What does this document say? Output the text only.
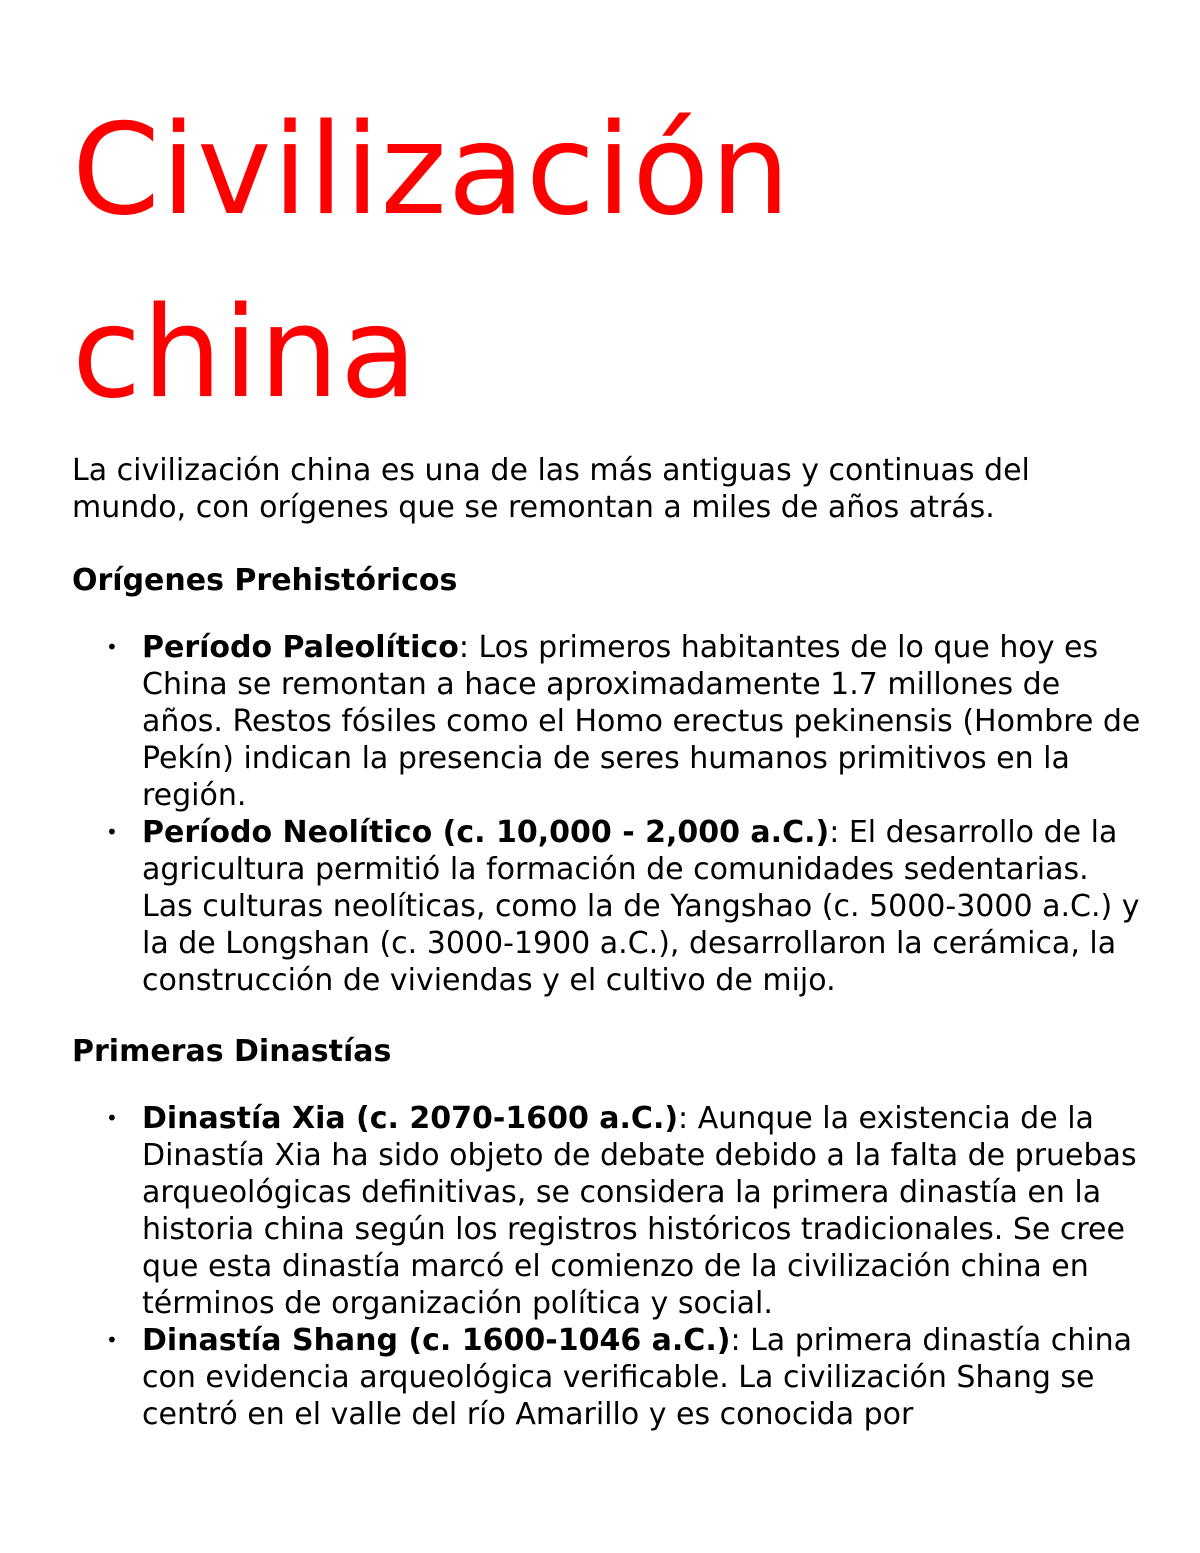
Civilización
china

La civilización china es una de las más antiguas y continuas del mundo, con orígenes que se remontan a miles de años atrás.

Orígenes Prehistóricos
• Período Paleolítico: Los primeros habitantes de lo que hoy es China se remontan a hace aproximadamente 1.7 millones de años. Restos fósiles como el Homo erectus pekinensis (Hombre de Pekín) indican la presencia de seres humanos primitivos en la región.
• Período Neolítico (c. 10,000 - 2,000 a.C.): El desarrollo de la agricultura permitió la formación de comunidades sedentarias. Las culturas neolíticas, como la de Yangshao (c. 5000-3000 a.C.) y la de Longshan (c. 3000-1900 a.C.), desarrollaron la cerámica, la construcción de viviendas y el cultivo de mijo.
Primeras Dinastías
• Dinastía Xia (c. 2070-1600 a.C.): Aunque la existencia de la Dinastía Xia ha sido objeto de debate debido a la falta de pruebas arqueológicas definitivas, se considera la primera dinastía en la historia china según los registros históricos tradicionales. Se cree que esta dinastía marcó el comienzo de la civilización china en términos de organización política y social.
• Dinastía Shang (c. 1600-1046 a.C.): La primera dinastía china con evidencia arqueológica verificable. La civilización Shang se centró en el valle del río Amarillo y es conocida por
